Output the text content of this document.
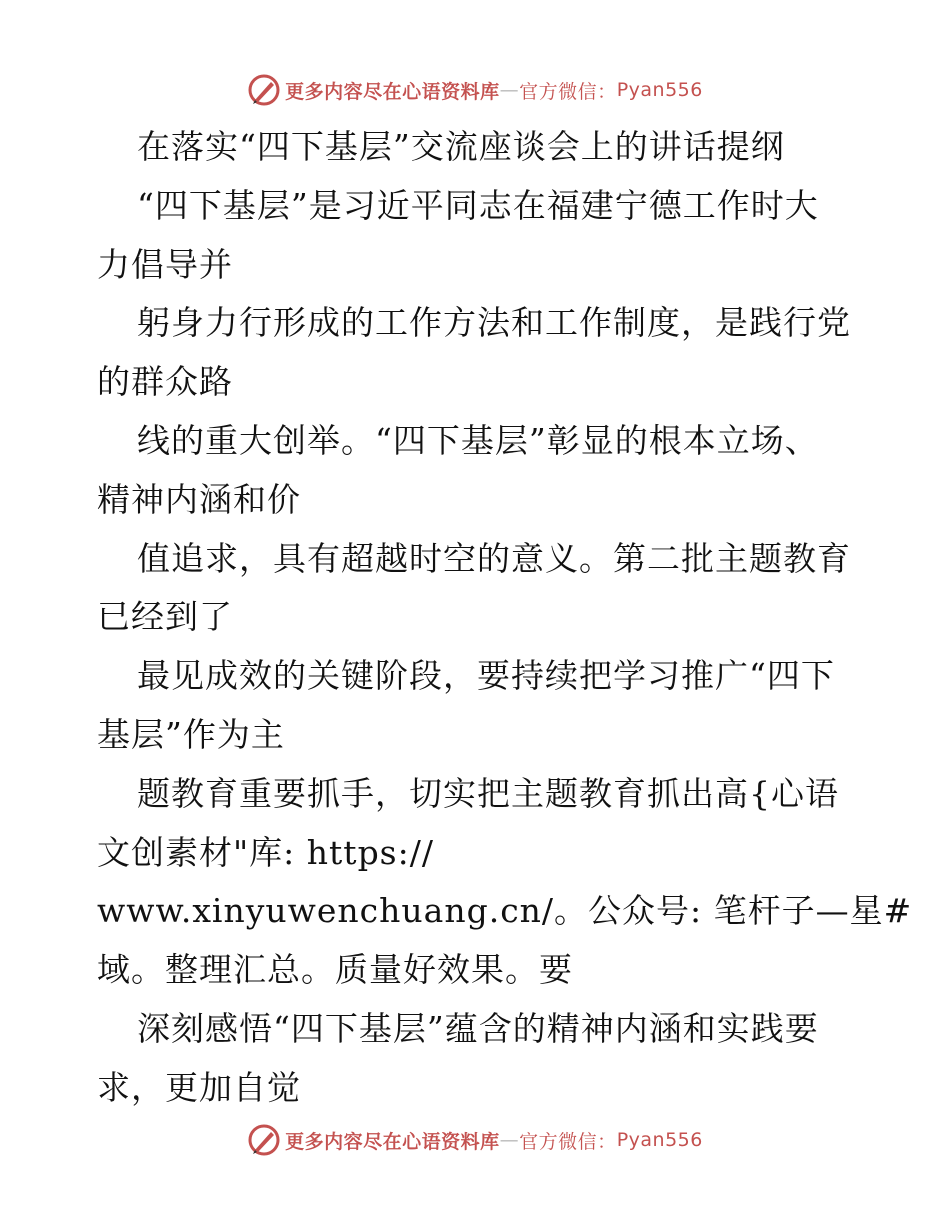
更多内容尽在心语资料库 — 官方微信： Pyan556

在落实“四下基层”交流座谈会上的讲话提纲

“四下基层”是习近平同志在福建宁德工作时大

力倡导并

躬身力行形成的工作方法和工作制度，是践行党

的群众路

线的重大创举。“四下基层”彰显的根本立场、

精神内涵和价

值追求，具有超越时空的意义。第二批主题教育

已经到了

最见成效的关键阶段，要持续把学习推广“四下

基层”作为主

题教育重要抓手，切实把主题教育抓出高{心语

文创素材"库: https://

www.xinyuwenchuang.cn/。公众号: 笔杆子—星#

域。整理汇总。质量好效果。要

深刻感悟“四下基层”蕴含的精神内涵和实践要

求，更加自觉

更多内容尽在心语资料库 — 官方微信： Pyan556
